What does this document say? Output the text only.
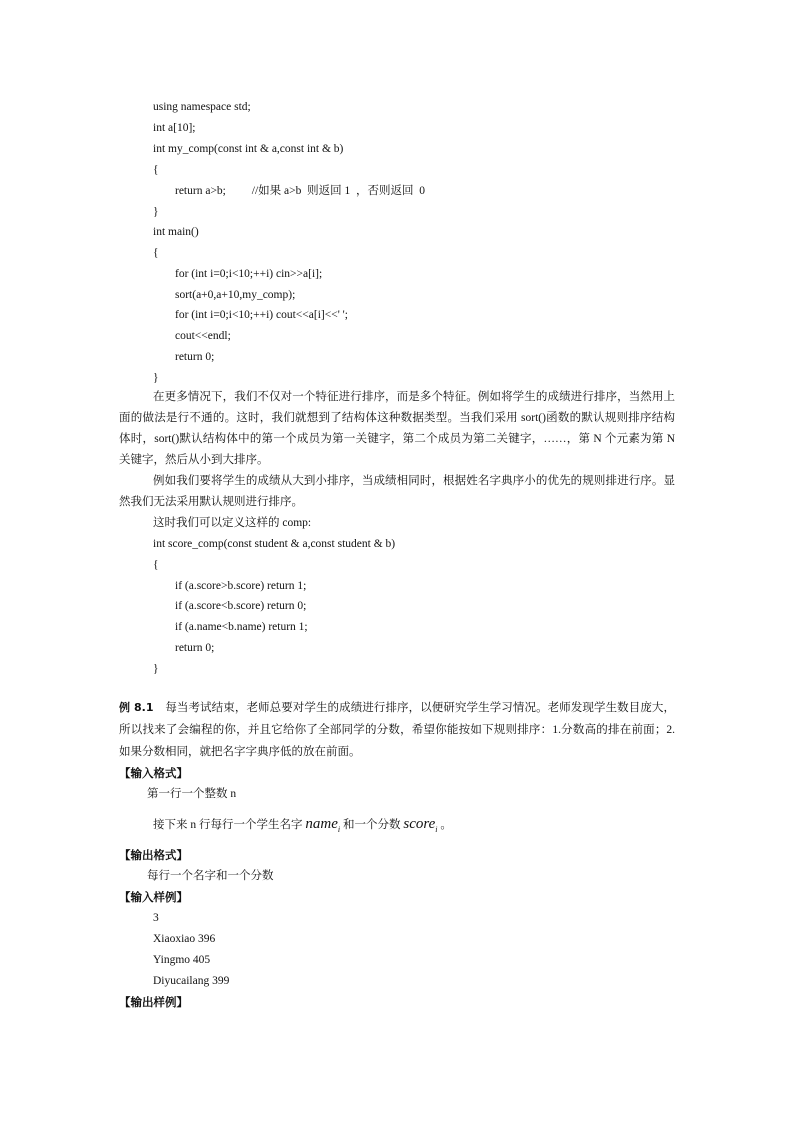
using namespace std;
int a[10];
int my_comp(const int & a,const int & b)
{
return a>b;         //如果 a>b  则返回 1  ，否则返回  0
}
int main()
{
for (int i=0;i<10;++i) cin>>a[i];
sort(a+0,a+10,my_comp);
for (int i=0;i<10;++i) cout<<a[i]<<' ';
cout<<endl;
return 0;
}
在更多情况下，我们不仅对一个特征进行排序，而是多个特征。例如将学生的成绩进行排序，当然用上面的做法是行不通的。这时，我们就想到了结构体这种数据类型。当我们采用 sort()函数的默认规则排序结构体时，sort()默认结构体中的第一个成员为第一关键字，第二个成员为第二关键字，……，第 N 个元素为第 N 关键字，然后从小到大排序。
例如我们要将学生的成绩从大到小排序，当成绩相同时，根据姓名字典序小的优先的规则排进行序。显然我们无法采用默认规则进行排序。
这时我们可以定义这样的 comp:
int score_comp(const student & a,const student & b)
{
if (a.score>b.score) return 1;
if (a.score<b.score) return 0;
if (a.name<b.name) return 1;
return 0;
}
例 8.1 每当考试结束，老师总要对学生的成绩进行排序，以便研究学生学习情况。老师发现学生数目庞大，所以找来了会编程的你，并且它给你了全部同学的分数，希望你能按如下规则排序：1.分数高的排在前面；2.如果分数相同，就把名字字典序低的放在前面。
【输入格式】
第一行一个整数 n
接下来 n 行每行一个学生名字 name$_i$ 和一个分数 score$_i$ 。
【输出格式】
每行一个名字和一个分数
【输入样例】
3
Xiaoxiao 396
Yingmo 405
Diyucailang 399
【输出样例】
